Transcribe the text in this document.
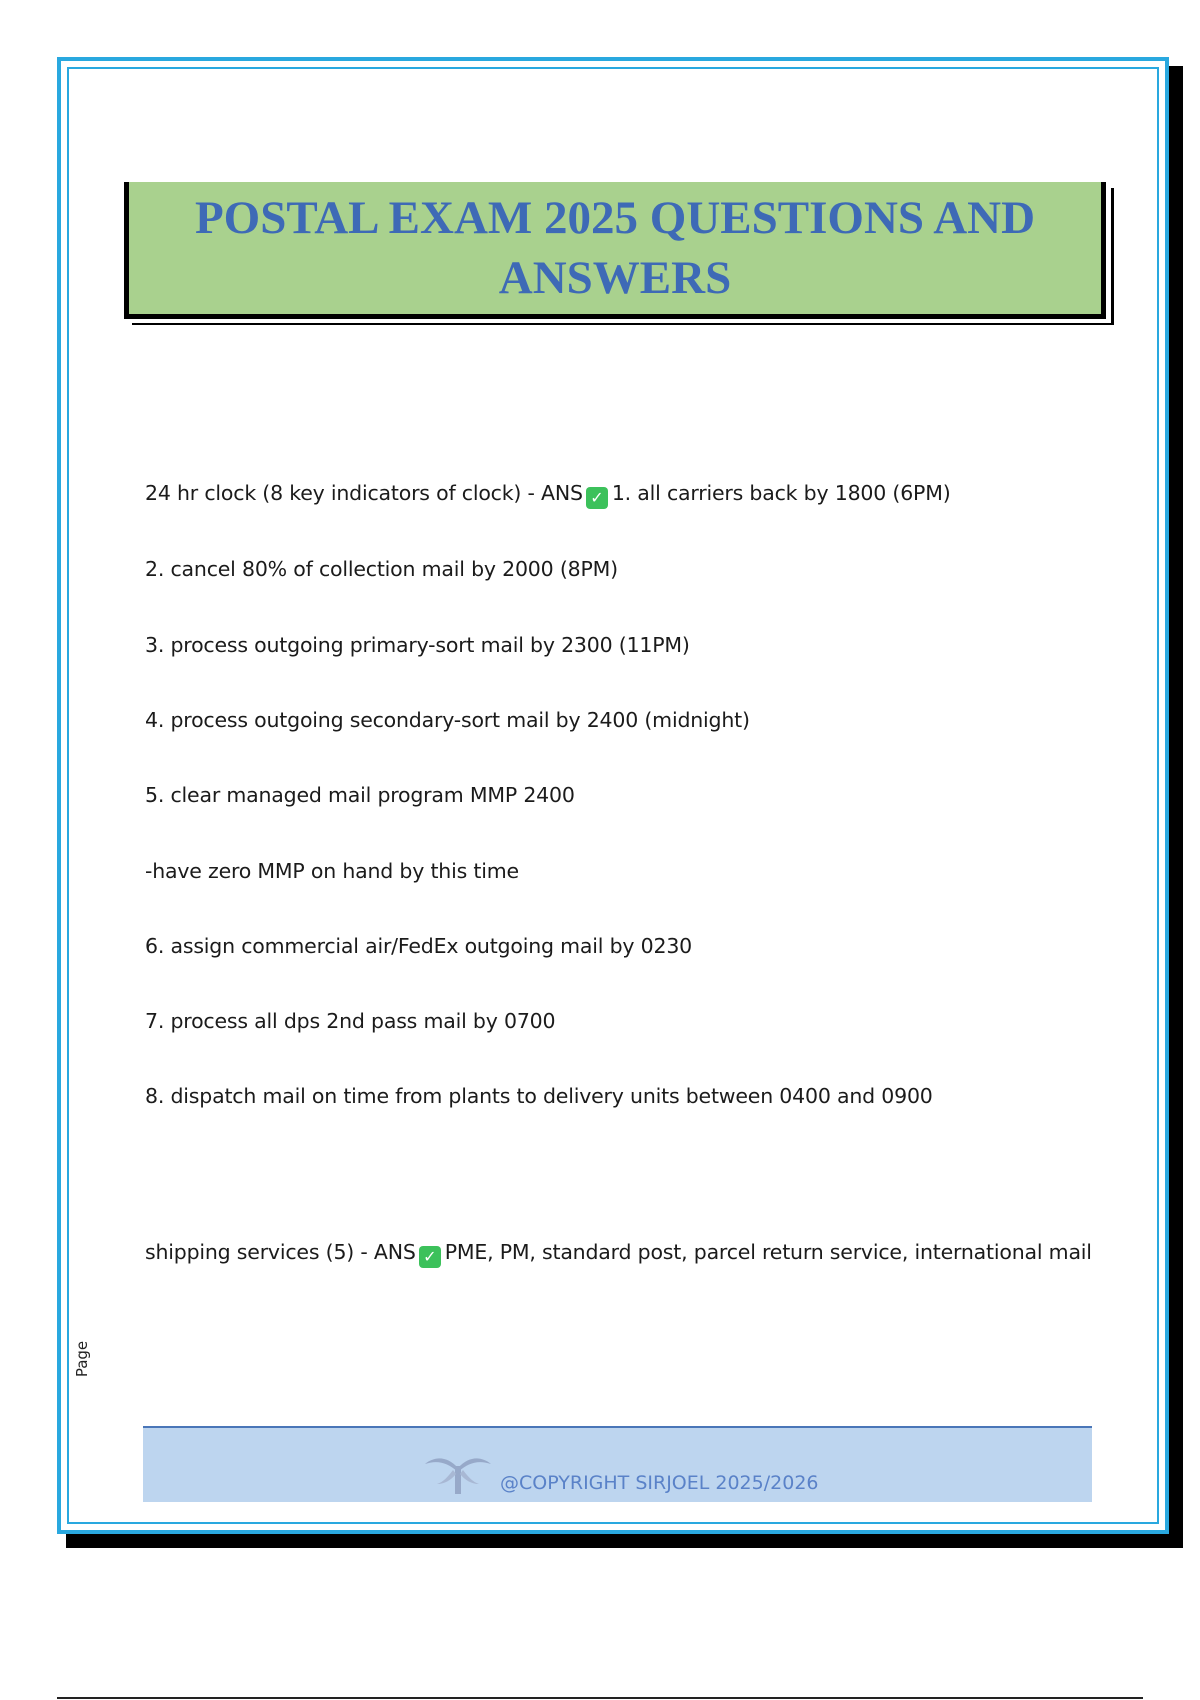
POSTAL EXAM 2025 QUESTIONS AND ANSWERS
24 hr clock (8 key indicators of clock) - ANS ✓ 1. all carriers back by 1800 (6PM)
2. cancel 80% of collection mail by 2000 (8PM)
3. process outgoing primary-sort mail by 2300 (11PM)
4. process outgoing secondary-sort mail by 2400 (midnight)
5. clear managed mail program MMP 2400
-have zero MMP on hand by this time
6. assign commercial air/FedEx outgoing mail by 0230
7. process all dps 2nd pass mail by 0700
8. dispatch mail on time from plants to delivery units between 0400 and 0900
shipping services (5) - ANS ✓ PME, PM, standard post, parcel return service, international mail
Page
@COPYRIGHT SIRJOEL 2025/2026
